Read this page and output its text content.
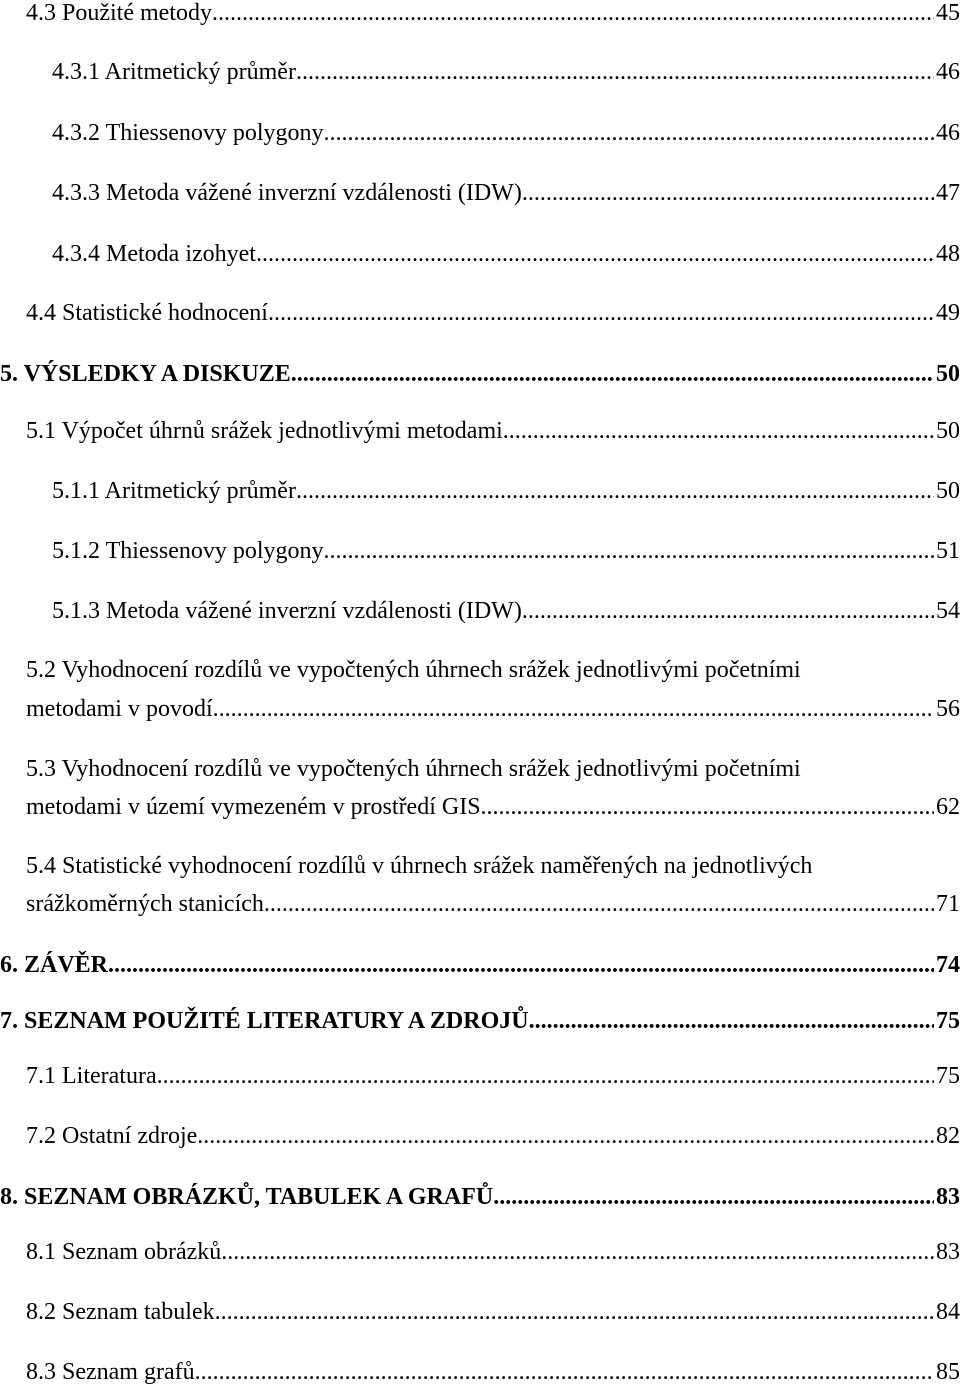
4.3 Použité metody .....	45
4.3.1 Aritmetický průměr .....	46
4.3.2 Thiessenovy polygony .....	46
4.3.3 Metoda vážené inverzní vzdálenosti (IDW) .....	47
4.3.4 Metoda izohyet .....	48
4.4 Statistické hodnocení .....	49
5. VÝSLEDKY A DISKUZE .....	50
5.1 Výpočet úhrnů srážek jednotlivými metodami .....	50
5.1.1 Aritmetický průměr .....	50
5.1.2 Thiessenovy polygony .....	51
5.1.3 Metoda vážené inverzní vzdálenosti (IDW) .....	54
5.2 Vyhodnocení rozdílů ve vypočtených úhrnech srážek jednotlivými početními
metodami v povodí .....	56
5.3 Vyhodnocení rozdílů ve vypočtených úhrnech srážek jednotlivými početními
metodami v území vymezeném v prostředí GIS .....	62
5.4 Statistické vyhodnocení rozdílů v úhrnech srážek naměřených na jednotlivých
srážkoměrných stanicích .....	71
6. ZÁVĚR .....	74
7. SEZNAM POUŽITÉ LITERATURY A ZDROJŮ .....	75
7.1 Literatura .....	75
7.2 Ostatní zdroje .....	82
8. SEZNAM OBRÁZKŮ, TABULEK A GRAFŮ .....	83
8.1 Seznam obrázků .....	83
8.2 Seznam tabulek .....	84
8.3 Seznam grafů .....	85
